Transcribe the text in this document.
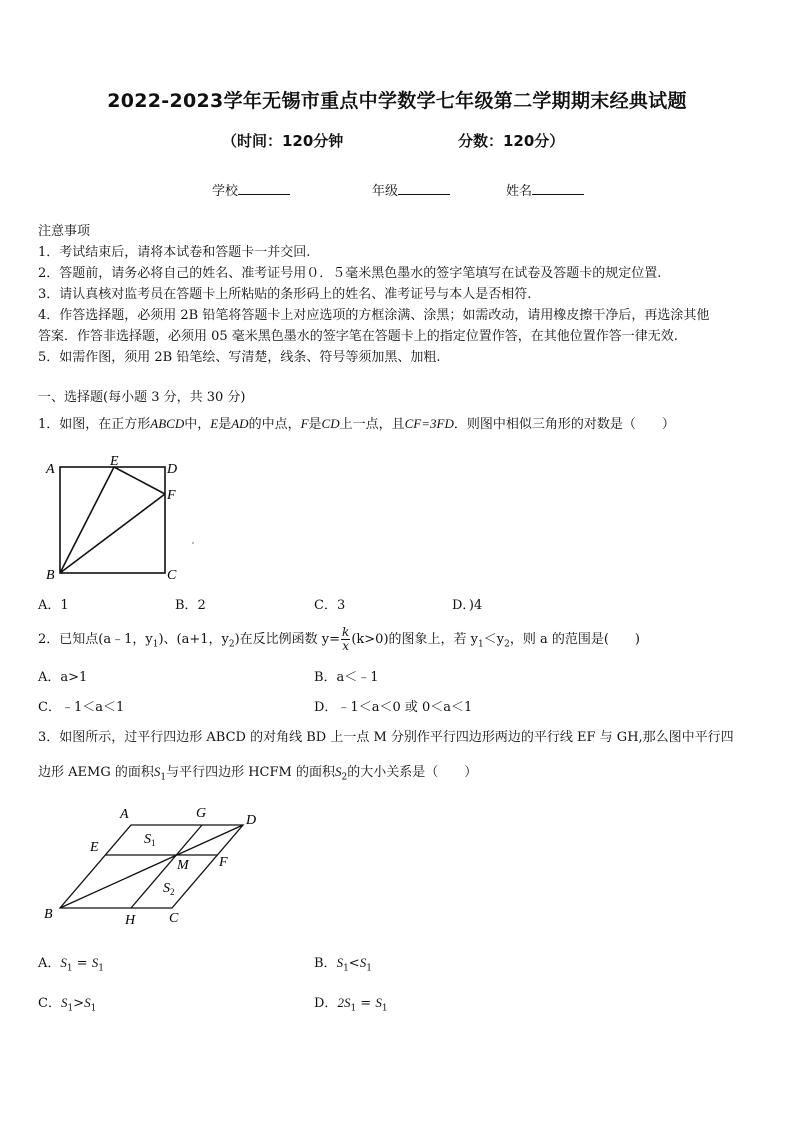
2022-2023学年无锡市重点中学数学七年级第二学期期末经典试题
（时间：120分钟	分数：120分）
学校	年级	姓名
注意事项
1．考试结束后，请将本试卷和答题卡一并交回.
2．答题前，请务必将自己的姓名、准考证号用０．５毫米黑色墨水的签字笔填写在试卷及答题卡的规定位置.
3．请认真核对监考员在答题卡上所粘贴的条形码上的姓名、准考证号与本人是否相符.
4．作答选择题，必须用 2B 铅笔将答题卡上对应选项的方框涂满、涂黑；如需改动，请用橡皮擦干净后，再选涂其他
答案．作答非选择题，必须用 05 毫米黑色墨水的签字笔在答题卡上的指定位置作答，在其他位置作答一律无效.
5．如需作图，须用 2B 铅笔绘、写清楚，线条、符号等须加黑、加粗.
一、选择题(每小题 3 分，共 30 分)
1．如图，在正方形ABCD中，E是AD的中点，F是CD上一点，且CF=3FD．则图中相似三角形的对数是（　　）
A
E
D
F
B	C
A．1	B．2	C．3	D．)4
2．已知点(a﹣1，$y_1$)、(a+1，$y_2$)在反比例函数 $y= \frac{k}{x} (k>0)$的图象上，若 $y_1<y_2$，则 a 的范围是(　　)
A．a>1	B．a＜﹣1
C．﹣1＜a＜1	D．﹣1＜a＜0 或 0＜a＜1
3．如图所示，过平行四边形 ABCD 的对角线 BD 上一点 M 分别作平行四边形两边的平行线 EF 与 GH,那么图中平行四
边形 AEMG 的面积$S_1$与平行四边形 HCFM 的面积$S_2$的大小关系是（　　）
A	G	D
E
$S_1$
M F
$S_2$
B	H C
A．$S_1 = S_1$	B．$S_1<S_1$
C．$S_1>S_1$	D．$2S_1 = S_1$
